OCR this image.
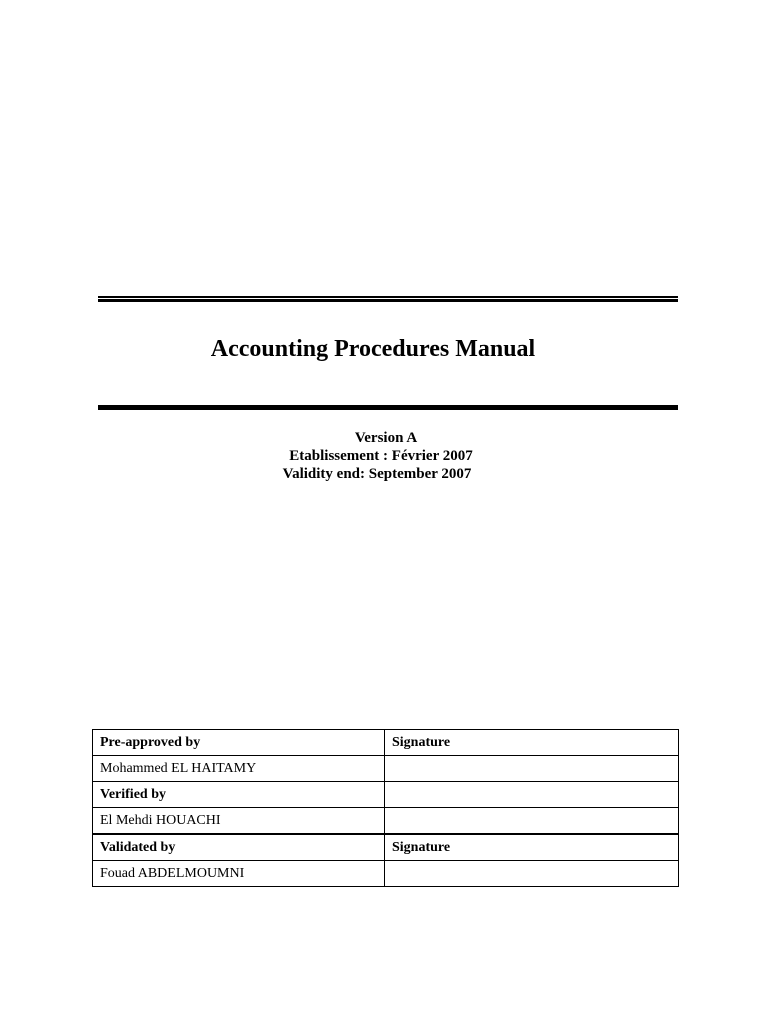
Accounting Procedures Manual
Version A
Etablissement : Février 2007
Validity end: September 2007
Pre-approved by	Signature
Mohammed EL HAITAMY	
Verified by	
El Mehdi HOUACHI	
Validated by	Signature
Fouad ABDELMOUMNI	
